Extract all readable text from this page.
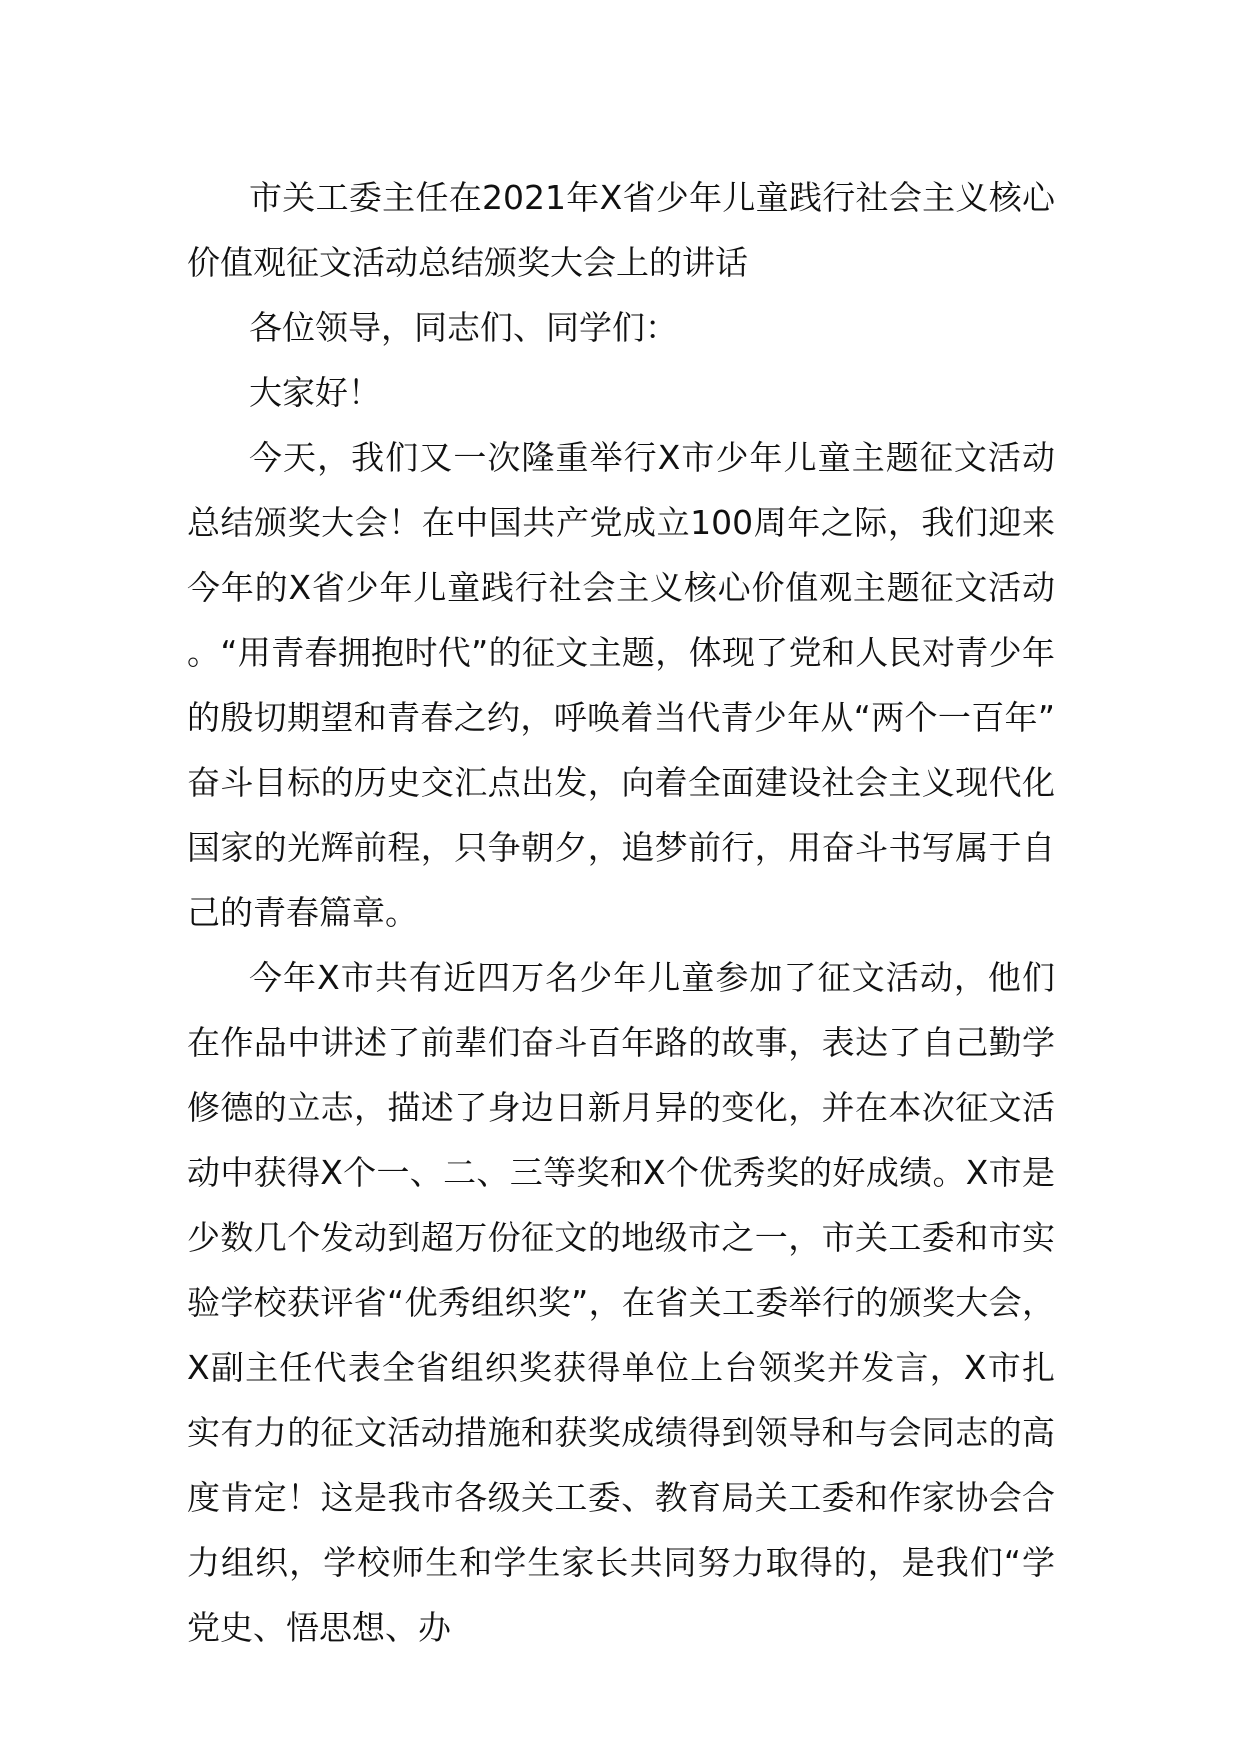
市关工委主任在2021年X省少年儿童践行社会主义核心价值观征文活动总结颁奖大会上的讲话

各位领导，同志们、同学们：

大家好！

今天，我们又一次隆重举行X市少年儿童主题征文活动总结颁奖大会！在中国共产党成立100周年之际，我们迎来今年的X省少年儿童践行社会主义核心价值观主题征文活动。“用青春拥抱时代”的征文主题，体现了党和人民对青少年的殷切期望和青春之约，呼唤着当代青少年从“两个一百年”奋斗目标的历史交汇点出发，向着全面建设社会主义现代化国家的光辉前程，只争朝夕，追梦前行，用奋斗书写属于自己的青春篇章。

今年X市共有近四万名少年儿童参加了征文活动，他们在作品中讲述了前辈们奋斗百年路的故事，表达了自己勤学修德的立志，描述了身边日新月异的变化，并在本次征文活动中获得X个一、二、三等奖和X个优秀奖的好成绩。X市是少数几个发动到超万份征文的地级市之一，市关工委和市实验学校获评省“优秀组织奖”，在省关工委举行的颁奖大会，X副主任代表全省组织奖获得单位上台领奖并发言，X市扎实有力的征文活动措施和获奖成绩得到领导和与会同志的高度肯定！这是我市各级关工委、教育局关工委和作家协会合力组织，学校师生和学生家长共同努力取得的，是我们“学党史、悟思想、办
